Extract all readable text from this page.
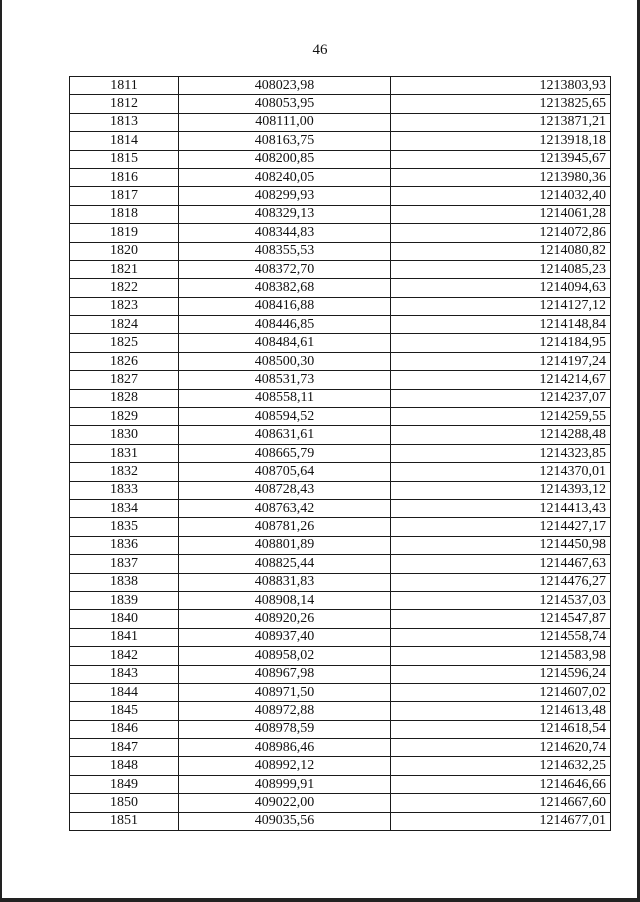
46
1811	408023,98	1213803,93
1812	408053,95	1213825,65
1813	408111,00	1213871,21
1814	408163,75	1213918,18
1815	408200,85	1213945,67
1816	408240,05	1213980,36
1817	408299,93	1214032,40
1818	408329,13	1214061,28
1819	408344,83	1214072,86
1820	408355,53	1214080,82
1821	408372,70	1214085,23
1822	408382,68	1214094,63
1823	408416,88	1214127,12
1824	408446,85	1214148,84
1825	408484,61	1214184,95
1826	408500,30	1214197,24
1827	408531,73	1214214,67
1828	408558,11	1214237,07
1829	408594,52	1214259,55
1830	408631,61	1214288,48
1831	408665,79	1214323,85
1832	408705,64	1214370,01
1833	408728,43	1214393,12
1834	408763,42	1214413,43
1835	408781,26	1214427,17
1836	408801,89	1214450,98
1837	408825,44	1214467,63
1838	408831,83	1214476,27
1839	408908,14	1214537,03
1840	408920,26	1214547,87
1841	408937,40	1214558,74
1842	408958,02	1214583,98
1843	408967,98	1214596,24
1844	408971,50	1214607,02
1845	408972,88	1214613,48
1846	408978,59	1214618,54
1847	408986,46	1214620,74
1848	408992,12	1214632,25
1849	408999,91	1214646,66
1850	409022,00	1214667,60
1851	409035,56	1214677,01
